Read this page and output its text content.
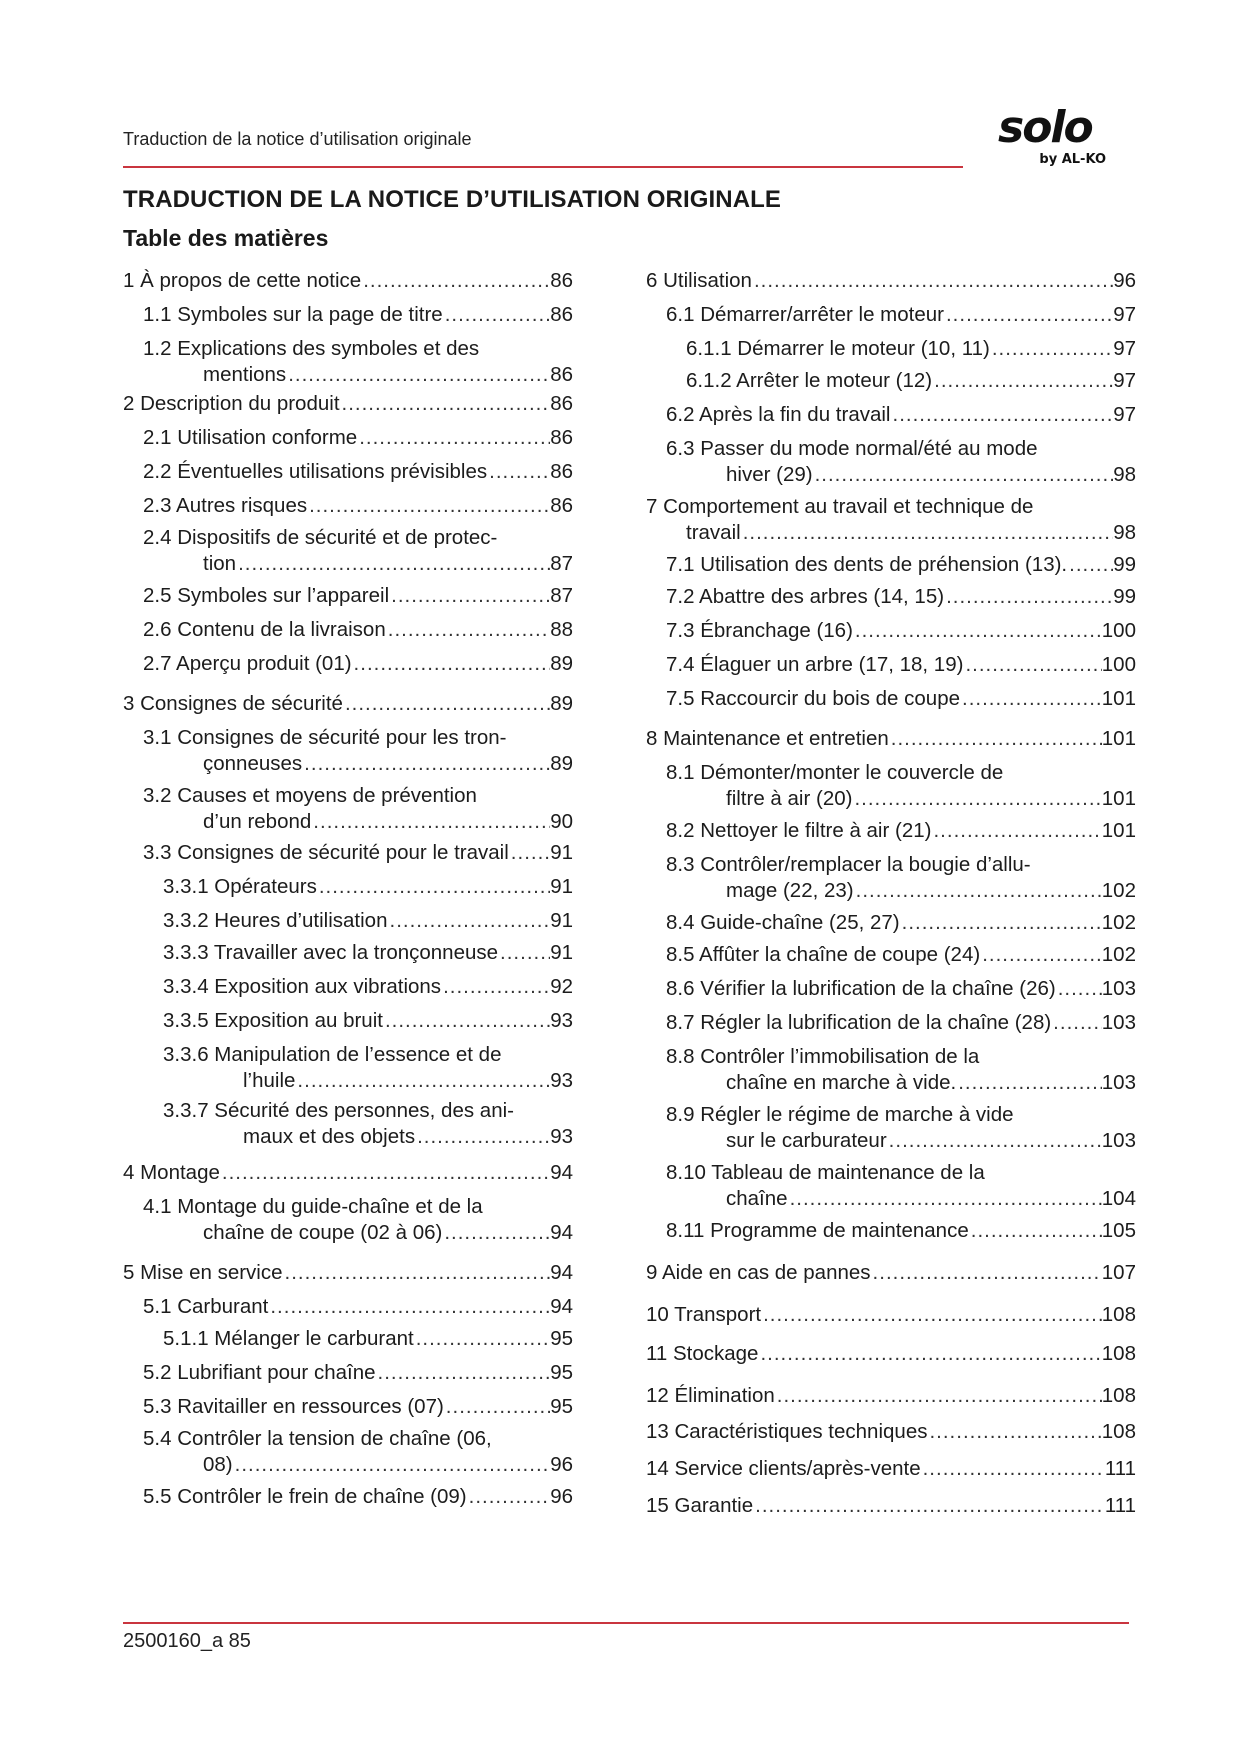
Traduction de la notice d’utilisation originale	solo
by AL-KO
TRADUCTION DE LA NOTICE D’UTILISATION ORIGINALE
Table des matières
1 À propos de cette notice .....	86
1.1 Symboles sur la page de titre .....	86
1.2 Explications des symboles et des
mentions .....	86
2 Description du produit .....	86
2.1 Utilisation conforme .....	86
2.2 Éventuelles utilisations prévisibles .....	86
2.3 Autres risques .....	86
2.4 Dispositifs de sécurité et de protec-
tion .....	87
2.5 Symboles sur l’appareil .....	87
2.6 Contenu de la livraison .....	88
2.7 Aperçu produit (01) .....	89
3 Consignes de sécurité .....	89
3.1 Consignes de sécurité pour les tron-
çonneuses .....	89
3.2 Causes et moyens de prévention
d’un rebond .....	90
3.3 Consignes de sécurité pour le travail ..... 91
3.3.1 Opérateurs .....	91
3.3.2 Heures d’utilisation .....	91
3.3.3 Travailler avec la tronçonneuse .....	91
3.3.4 Exposition aux vibrations .....	92
3.3.5 Exposition au bruit .....	93
3.3.6 Manipulation de l’essence et de
l’huile .....	93
3.3.7 Sécurité des personnes, des ani-
maux et des objets .....	93
4 Montage .....	94
4.1 Montage du guide-chaîne et de la
chaîne de coupe (02 à 06) .....	94
5 Mise en service .....	94
5.1 Carburant .....	94
5.1.1 Mélanger le carburant .....	95
5.2 Lubrifiant pour chaîne .....	95
5.3 Ravitailler en ressources (07) .....	95
5.4 Contrôler la tension de chaîne (06,
08) .....	96
5.5 Contrôler le frein de chaîne (09) .....	96
6 Utilisation .....	96
6.1 Démarrer/arrêter le moteur .....	97
6.1.1 Démarrer le moteur (10, 11) .....	97
6.1.2 Arrêter le moteur (12) .....	97
6.2 Après la fin du travail .....	97
6.3 Passer du mode normal/été au mode
hiver (29) .....	98
7 Comportement au travail et technique de
travail .....	98
7.1 Utilisation des dents de préhension (13). ..... 99
7.2 Abattre des arbres (14, 15) .....	99
7.3 Ébranchage (16) .....	100
7.4 Élaguer un arbre (17, 18, 19) .....	100
7.5 Raccourcir du bois de coupe .....	101
8 Maintenance et entretien .....	101
8.1 Démonter/monter le couvercle de
filtre à air (20) .....	101
8.2 Nettoyer le filtre à air (21) .....	101
8.3 Contrôler/remplacer la bougie d’allu-
mage (22, 23) .....	102
8.4 Guide-chaîne (25, 27) .....	102
8.5 Affûter la chaîne de coupe (24) .....	102
8.6 Vérifier la lubrification de la chaîne (26) ..... 103
8.7 Régler la lubrification de la chaîne (28) ..... 103
8.8 Contrôler l’immobilisation de la
chaîne en marche à vide. .....	103
8.9 Régler le régime de marche à vide
sur le carburateur .....	103
8.10 Tableau de maintenance de la
chaîne .....	104
8.11 Programme de maintenance .....	105
9 Aide en cas de pannes .....	107
10 Transport .....	108
11 Stockage .....	108
12 Élimination .....	108
13 Caractéristiques techniques .....	108
14 Service clients/après-vente .....	111
15 Garantie .....	111
2500160_a 85
